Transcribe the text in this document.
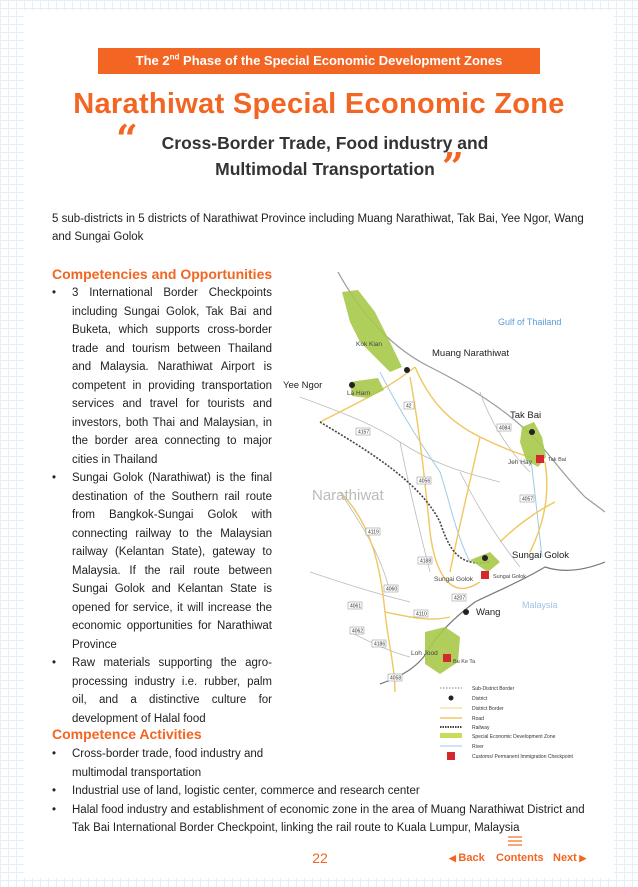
The 2nd Phase of the Special Economic Development Zones
Narathiwat Special Economic Zone
“	Cross-Border Trade, Food industry and
Multimodal Transportation ”
5 sub-districts in 5 districts of Narathiwat Province including Muang Narathiwat, Tak Bai, Yee Ngor, Wang and Sungai Golok
Competencies and Opportunities
• 3 International Border Checkpoints including Sungai Golok, Tak Bai and Buketa, which supports cross-border trade and tourism between Thailand and Malaysia. Narathiwat Airport is competent in providing transportation services and travel for tourists and investors, both Thai and Malaysian, in the border area connecting to major cities in Thailand
• Sungai Golok (Narathiwat) is the final destination of the Southern rail route from Bangkok-Sungai Golok with connecting railway to the Malaysian railway (Kelantan State), gateway to Malaysia. If the rail route between Sungai Golok and Kelantan State is opened for service, it will increase the economic opportunities for Narathiwat Province
• Raw materials supporting the agro-processing industry i.e. rubber, palm oil, and a distinctive culture for development of Halal food
Competence Activities
• Cross-border trade, food industry and multimodal transportation
• Industrial use of land, logistic center, commerce and research center
• Halal food industry and establishment of economic zone in the area of Muang Narathiwat District and Tak Bai International Border Checkpoint, linking the rail route to Kuala Lumpur, Malaysia
Gulf of Thailand
Malaysia
Narathiwat
Kok Kian
La Harn
Jeh Hay
Sungai Golok
Loh Jood
Muang Narathiwat
Yee Ngor
Tak Bai
Sungai Golok
Wang
Tak Bai
Sungai Golok
Bu Ke Ta
42
4084
4157
4056
4057
4119
4188
4060
4061
4207
4062
4110
4186
4058
Sub-District Border
District
District Border
Road
Railway
Special Economic Development Zone
River
Customs/ Permanent Immigration Checkpoint
22	◀ Back Contents Next ▶
